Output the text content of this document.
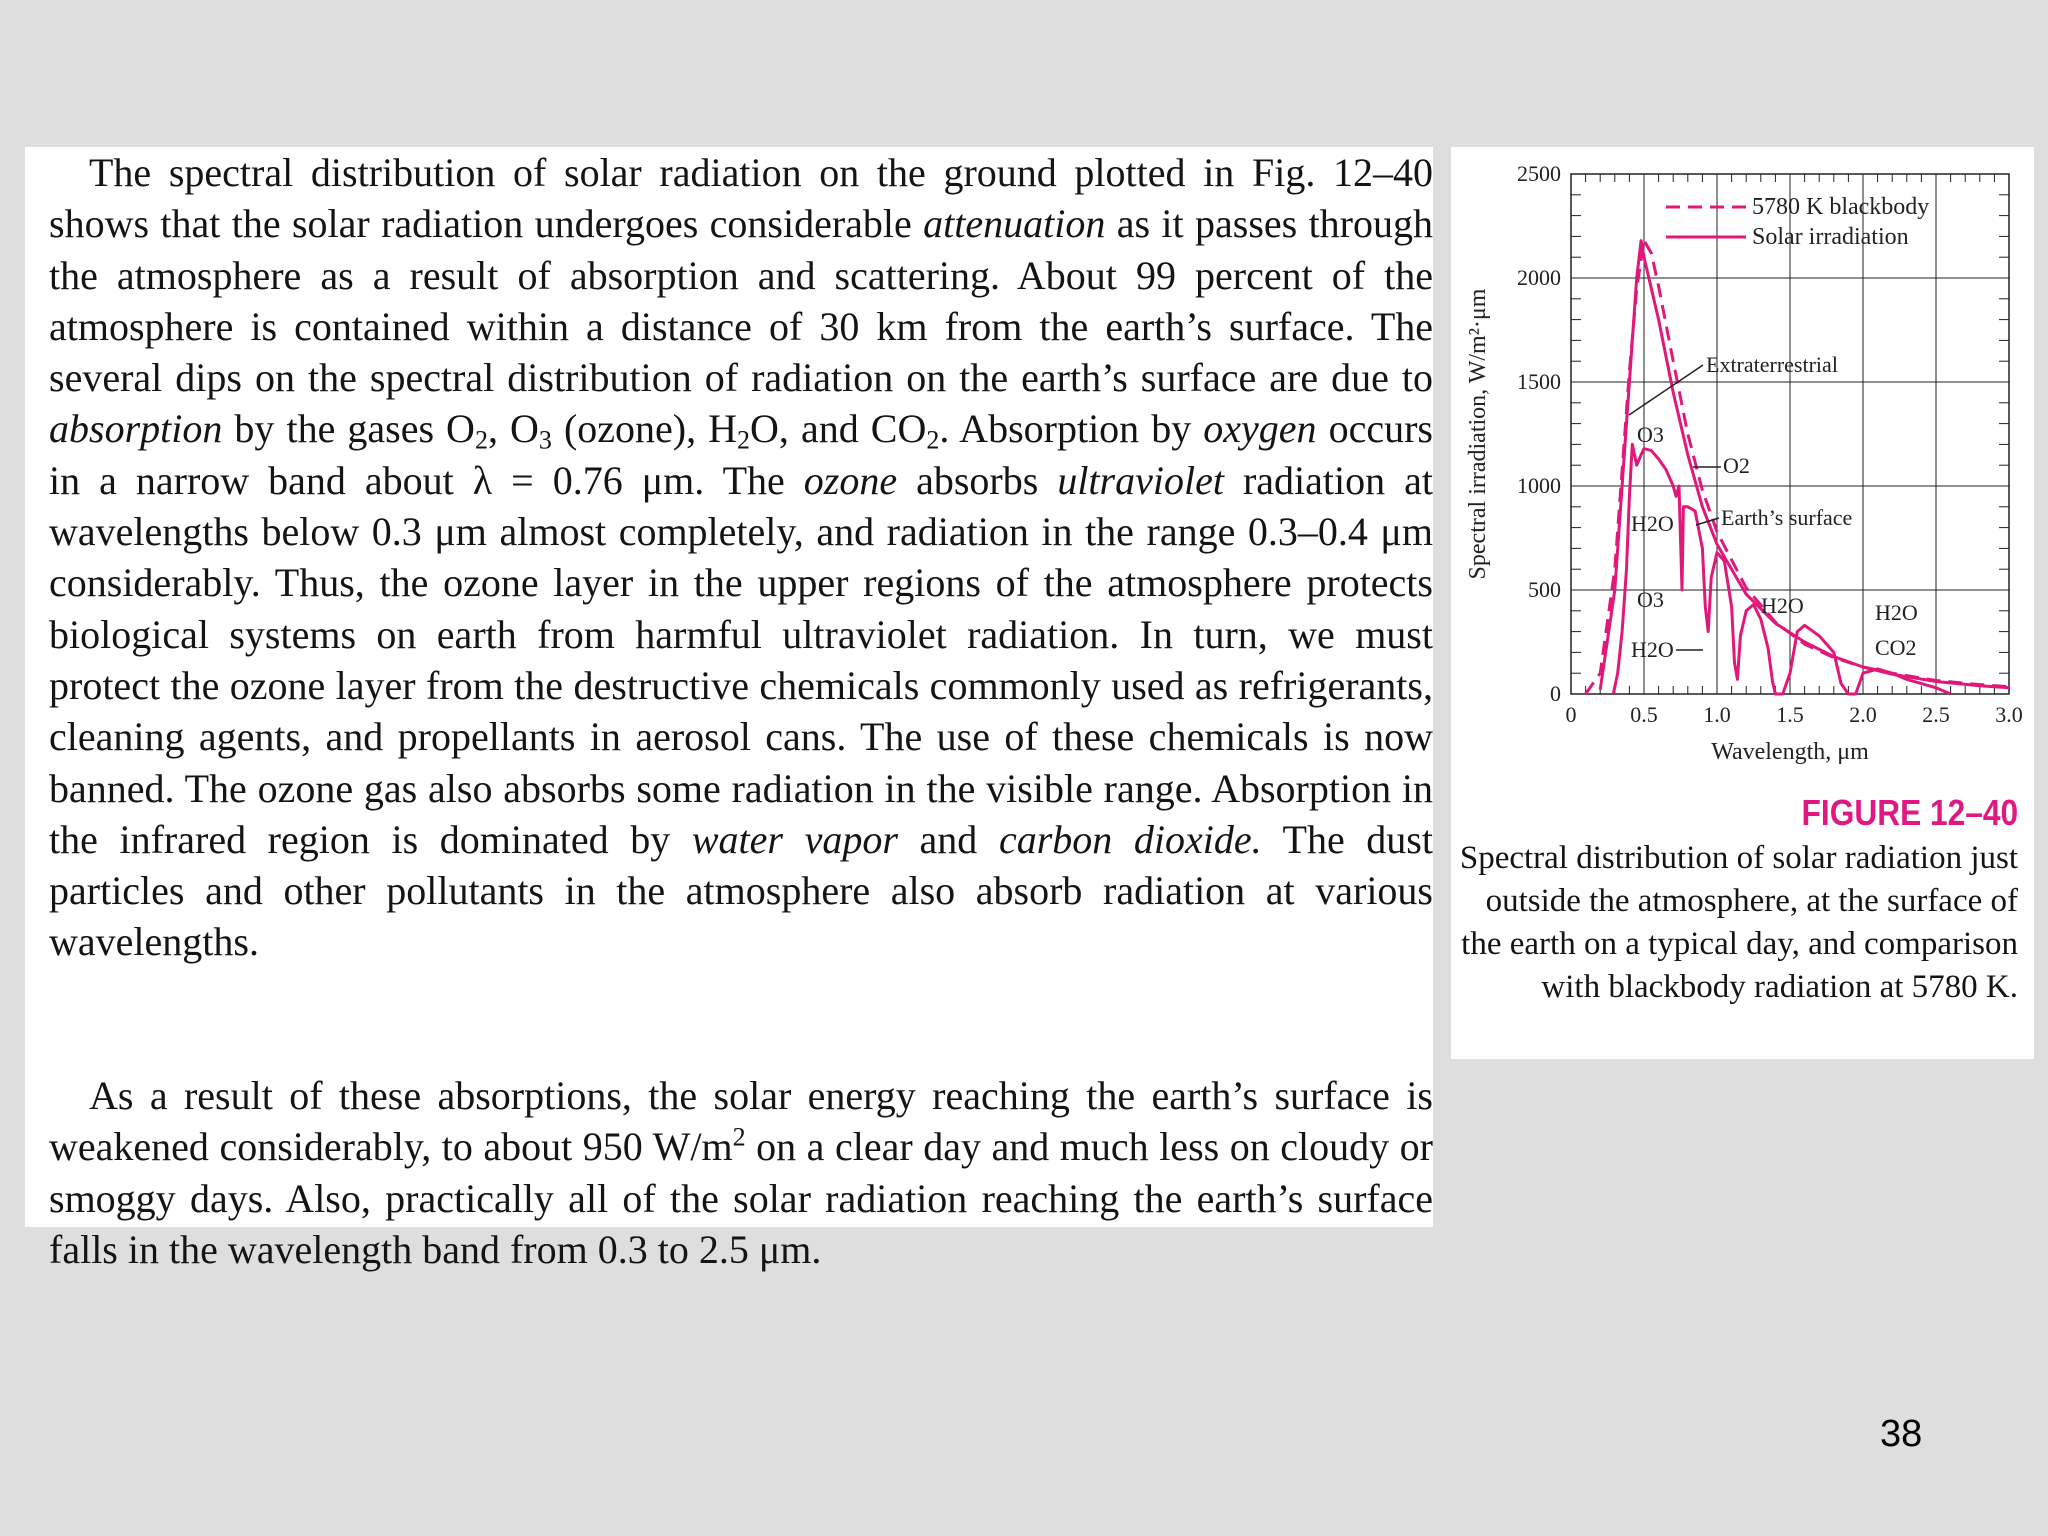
The spectral distribution of solar radiation on the ground plotted in Fig. 12–40 shows that the solar radiation undergoes considerable attenuation as it passes through the atmosphere as a result of absorption and scattering. About 99 percent of the atmosphere is contained within a distance of 30 km from the earth’s surface. The several dips on the spectral distribution of radiation on the earth’s surface are due to absorption by the gases $O_2$, $O_3$ (ozone), $H_2O$, and $CO_2$. Absorption by oxygen occurs in a narrow band about λ = 0.76 μm. The ozone absorbs ultraviolet radiation at wavelengths below 0.3 μm almost completely, and radiation in the range 0.3–0.4 μm considerably. Thus, the ozone layer in the upper regions of the atmosphere protects biological systems on earth from harmful ultraviolet radiation. In turn, we must protect the ozone layer from the destructive chemicals commonly used as refrigerants, cleaning agents, and propellants in aerosol cans. The use of these chemicals is now banned. The ozone gas also absorbs some radiation in the visible range. Absorption in the infrared region is dominated by water vapor and carbon dioxide. The dust particles and other pollutants in the atmosphere also absorb radiation at various wavelengths.

As a result of these absorptions, the solar energy reaching the earth’s surface is weakened considerably, to about 950 $W/m^2$ on a clear day and much less on cloudy or smoggy days. Also, practically all of the solar radiation reaching the earth’s surface falls in the wavelength band from 0.3 to 2.5 μm.

0 0.5 1.0 1.5 2.0 2.5 3.0
0
500
1000
1500
2000
2500
Wavelength, μm
Spectral irradiation, W/m²·μm
5780 K blackbody
Solar irradiation
Extraterrestrial
Earth’s surface
O3
O2
H2O
O3
H2O
H2O	H2O
CO2
FIGURE 12–40
Spectral distribution of solar radiation just outside the atmosphere, at the surface of the earth on a typical day, and comparison with blackbody radiation at 5780 K.
38
